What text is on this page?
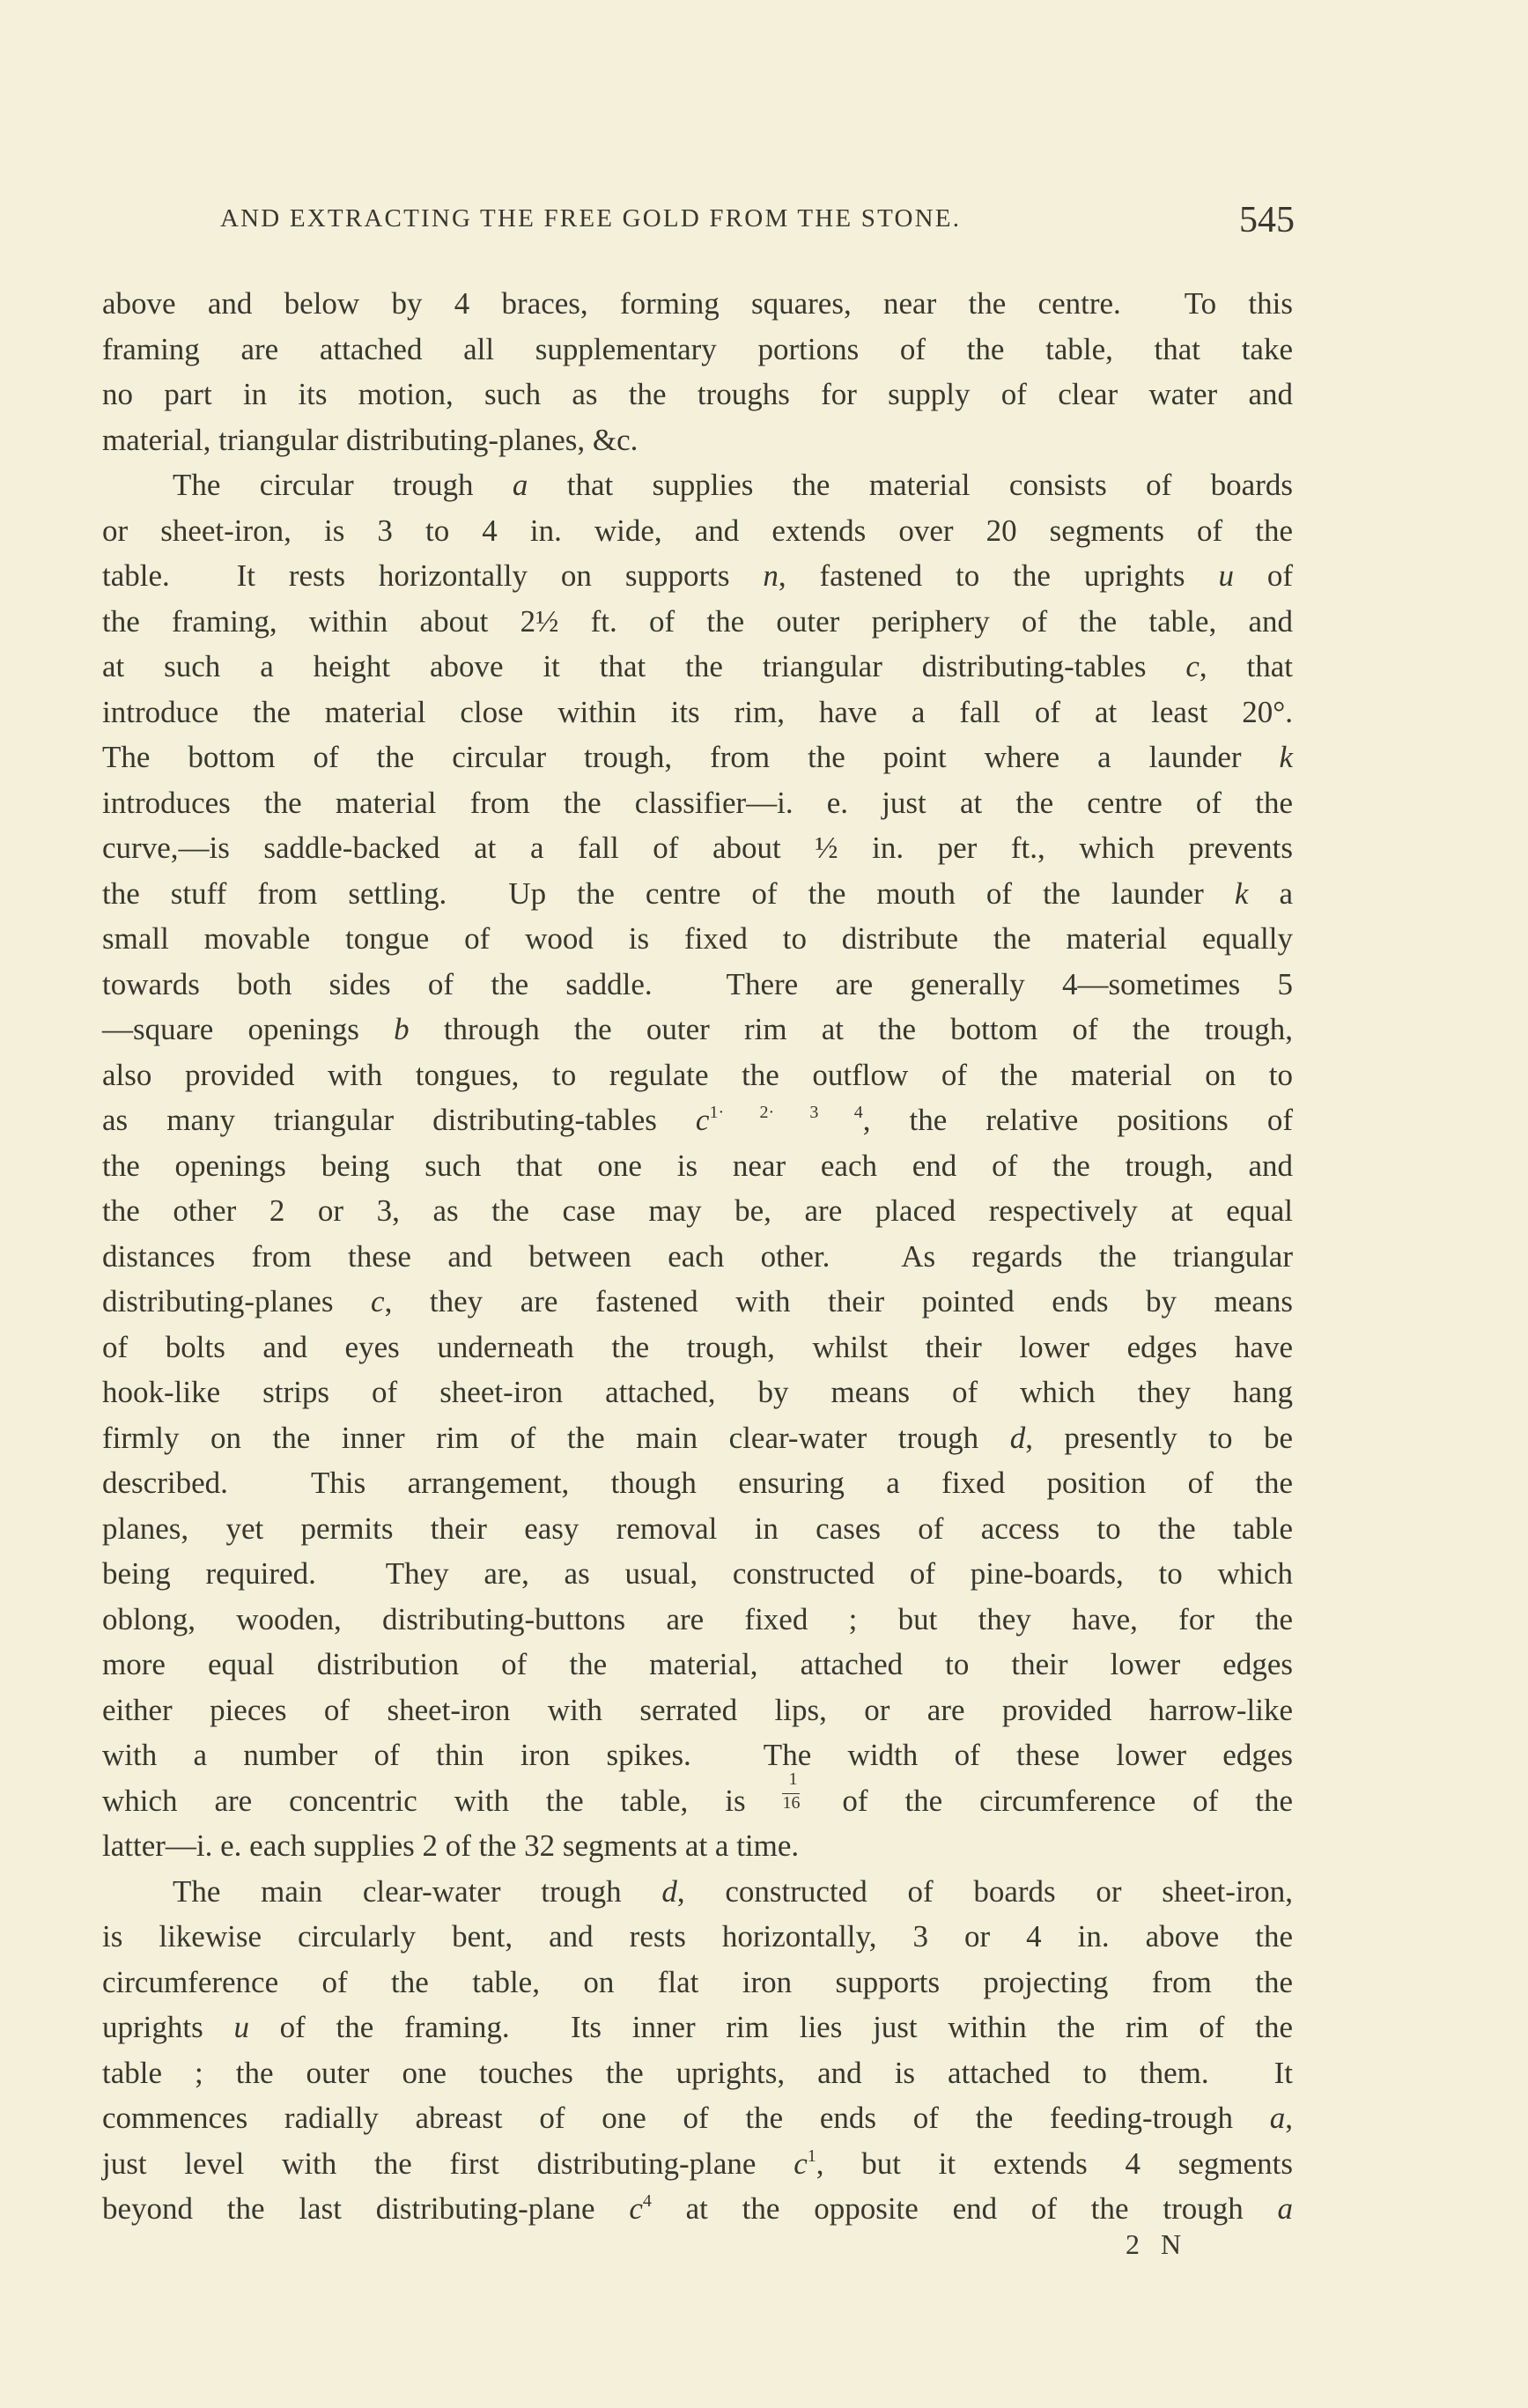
AND EXTRACTING THE FREE GOLD FROM THE STONE.	545
above and below by 4 braces, forming squares, near the centre.  To this
framing are attached all supplementary portions of the table, that take
no part in its motion, such as the troughs for supply of clear water and
material, triangular distributing-planes, &c.
The circular trough a that supplies the material consists of boards
or sheet-iron, is 3 to 4 in. wide, and extends over 20 segments of the
table.  It rests horizontally on supports n, fastened to the uprights u of
the framing, within about 2½ ft. of the outer periphery of the table, and
at such a height above it that the triangular distributing-tables c, that
introduce the material close within its rim, have a fall of at least 20°.
The bottom of the circular trough, from the point where a launder k
introduces the material from the classifier—i. e. just at the centre of the
curve,—is saddle-backed at a fall of about ½ in. per ft., which prevents
the stuff from settling.  Up the centre of the mouth of the launder k a
small movable tongue of wood is fixed to distribute the material equally
towards both sides of the saddle.  There are generally 4—sometimes 5
—square openings b through the outer rim at the bottom of the trough,
also provided with tongues, to regulate the outflow of the material on to
as many triangular distributing-tables $c^{1\cdot 2\cdot 3 4}$, the relative positions of
the openings being such that one is near each end of the trough, and
the other 2 or 3, as the case may be, are placed respectively at equal
distances from these and between each other.  As regards the triangular
distributing-planes c, they are fastened with their pointed ends by means
of bolts and eyes underneath the trough, whilst their lower edges have
hook-like strips of sheet-iron attached, by means of which they hang
firmly on the inner rim of the main clear-water trough d, presently to be
described.  This arrangement, though ensuring a fixed position of the
planes, yet permits their easy removal in cases of access to the table
being required.  They are, as usual, constructed of pine-boards, to which
oblong, wooden, distributing-buttons are fixed ; but they have, for the
more equal distribution of the material, attached to their lower edges
either pieces of sheet-iron with serrated lips, or are provided harrow-like
with a number of thin iron spikes.  The width of these lower edges
which are concentric with the table, is $\frac{1}{16}$ of the circumference of the
latter—i. e. each supplies 2 of the 32 segments at a time.
The main clear-water trough d, constructed of boards or sheet-iron,
is likewise circularly bent, and rests horizontally, 3 or 4 in. above the
circumference of the table, on flat iron supports projecting from the
uprights u of the framing.  Its inner rim lies just within the rim of the
table ; the outer one touches the uprights, and is attached to them.  It
commences radially abreast of one of the ends of the feeding-trough a,
just level with the first distributing-plane $c^1$, but it extends 4 segments
beyond the last distributing-plane $c^4$ at the opposite end of the trough a
2 N
